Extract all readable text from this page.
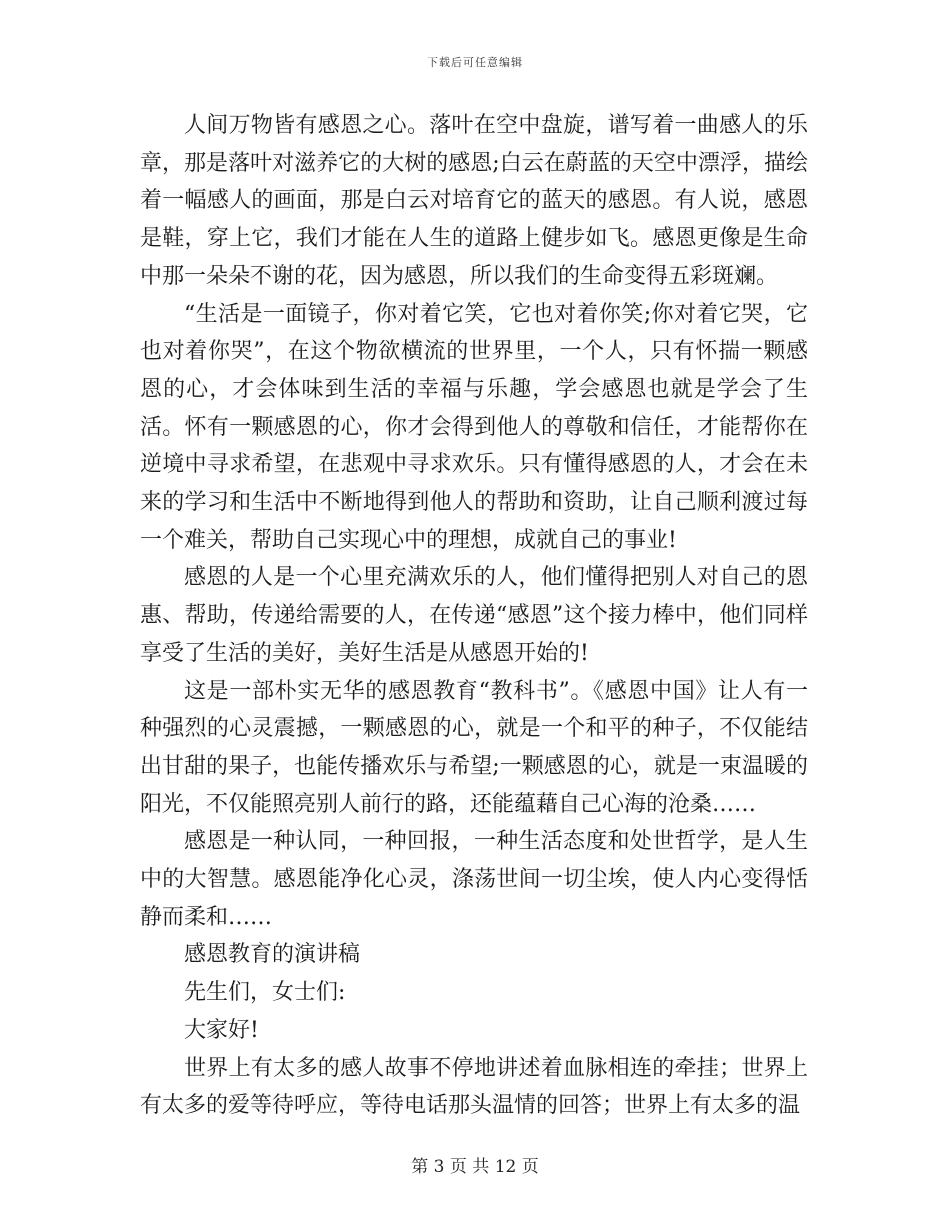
下载后可任意编辑

人间万物皆有感恩之心。落叶在空中盘旋，谱写着一曲感人的乐章，那是落叶对滋养它的大树的感恩;白云在蔚蓝的天空中漂浮，描绘着一幅感人的画面，那是白云对培育它的蓝天的感恩。有人说，感恩是鞋，穿上它，我们才能在人生的道路上健步如飞。感恩更像是生命中那一朵朵不谢的花，因为感恩，所以我们的生命变得五彩斑斓。

“生活是一面镜子，你对着它笑，它也对着你笑;你对着它哭，它也对着你哭”，在这个物欲横流的世界里，一个人，只有怀揣一颗感恩的心，才会体味到生活的幸福与乐趣，学会感恩也就是学会了生活。怀有一颗感恩的心，你才会得到他人的尊敬和信任，才能帮你在逆境中寻求希望，在悲观中寻求欢乐。只有懂得感恩的人，才会在未来的学习和生活中不断地得到他人的帮助和资助，让自己顺利渡过每一个难关，帮助自己实现心中的理想，成就自己的事业!

感恩的人是一个心里充满欢乐的人，他们懂得把别人对自己的恩惠、帮助，传递给需要的人，在传递“感恩”这个接力棒中，他们同样享受了生活的美好，美好生活是从感恩开始的!

这是一部朴实无华的感恩教育“教科书”。《感恩中国》让人有一种强烈的心灵震撼，一颗感恩的心，就是一个和平的种子，不仅能结出甘甜的果子，也能传播欢乐与希望;一颗感恩的心，就是一束温暖的阳光，不仅能照亮别人前行的路，还能蕴藉自己心海的沧桑……

感恩是一种认同，一种回报，一种生活态度和处世哲学，是人生中的大智慧。感恩能净化心灵，涤荡世间一切尘埃，使人内心变得恬静而柔和……

感恩教育的演讲稿

先生们，女士们:

大家好!

世界上有太多的感人故事不停地讲述着血脉相连的牵挂；世界上有太多的爱等待呼应，等待电话那头温情的回答；世界上有太多的温

第 3 页 共 12 页
